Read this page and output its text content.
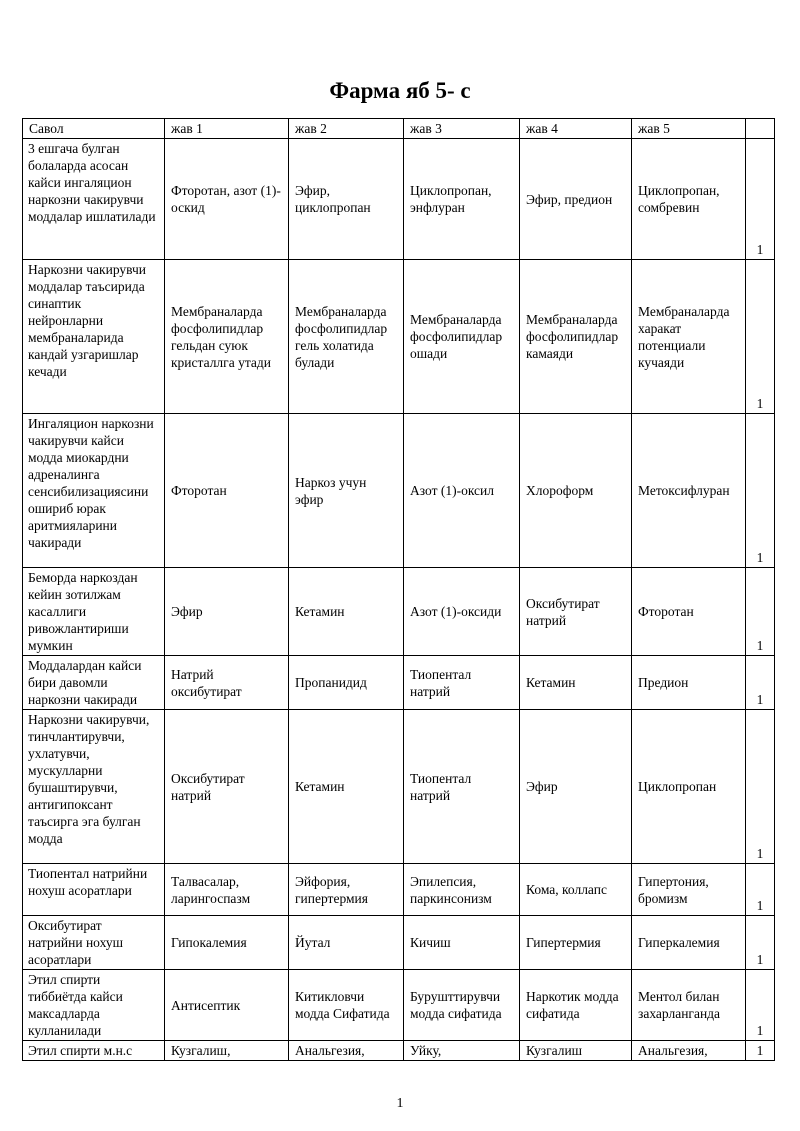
Фарма яб 5- с
Савол	жав 1	жав 2	жав 3	жав 4	жав 5	
3 ешгача булган болаларда асосан кайси ингаляцион наркозни чакирувчи моддалар ишлатилади	Фторотан, азот (1)-оскид	Эфир, циклопропан	Циклопропан, энфлуран	Эфир, предион	Циклопропан, сомбревин	1
Наркозни чакирувчи моддалар таъсирида синаптик нейронларни мембраналарида кандай узгаришлар кечади	Мембраналарда фосфолипидлар гельдан суюк кристаллга утади	Мембраналарда фосфолипидлар гель холатида булади	Мембраналарда фосфолипидлар ошади	Мембраналарда фосфолипидлар камаяди	Мембраналарда харакат потенциали кучаяди	1
Ингаляцион наркозни чакирувчи кайси модда миокардни адреналинга сенсибилизациясини ошириб юрак аритмияларини чакиради	Фторотан	Наркоз учун эфир	Азот (1)-оксил	Хлороформ	Метоксифлуран	1
Беморда наркоздан кейин зотилжам касаллиги ривожлантириши мумкин	Эфир	Кетамин	Азот (1)-оксиди	Оксибутират натрий	Фторотан	1
Моддалардан кайси бири давомли наркозни чакиради	Натрий оксибутират	Пропанидид	Тиопентал натрий	Кетамин	Предион	1
Наркозни чакирувчи, тинчлантирувчи, ухлатувчи, мускулларни бушаштирувчи, антигипоксант таъсирга эга булган модда	Оксибутират натрий	Кетамин	Тиопентал натрий	Эфир	Циклопропан	1
Тиопентал натрийни нохуш асоратлари	Талвасалар, ларингоспазм	Эйфория, гипертермия	Эпилепсия, паркинсонизм	Кома, коллапс	Гипертония, бромизм	1
Оксибутират натрийни нохуш асоратлари	Гипокалемия	Йутал	Кичиш	Гипертермия	Гиперкалемия	1
Этил спирти тиббиётда кайси максадларда кулланилади	Антисептик	Китикловчи модда Сифатида	Бурушттирувчи модда сифатида	Наркотик модда сифатида	Ментол билан захарланганда	1
Этил спирти м.н.с	Кузгалиш,	Анальгезия,	Уйку,	Кузгалиш	Анальгезия,	1
1
